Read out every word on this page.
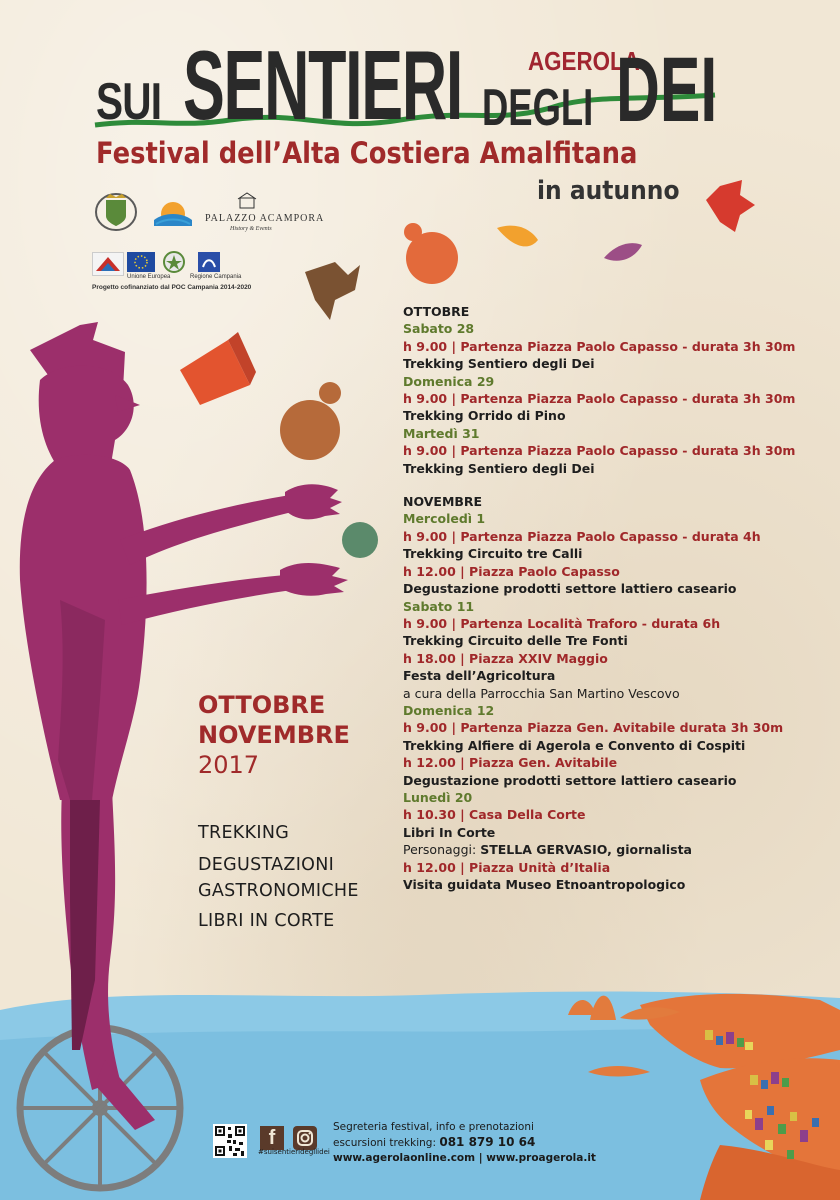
SUI SENTIERI	AGEROLA
DEGLI DEI
Festival dell’Alta Costiera Amalfitana
in autunno
PALAZZO ACAMPORA
History & Events
Unione Europea	Regione Campania
Progetto cofinanziato dal POC Campania 2014-2020
OTTOBRE
Sabato 28
h 9.00 | Partenza Piazza Paolo Capasso - durata 3h 30m
Trekking Sentiero degli Dei
Domenica 29
h 9.00 | Partenza Piazza Paolo Capasso - durata 3h 30m
Trekking Orrido di Pino
Martedì 31
h 9.00 | Partenza Piazza Paolo Capasso - durata 3h 30m
Trekking Sentiero degli Dei
NOVEMBRE
Mercoledì 1
h 9.00 | Partenza Piazza Paolo Capasso - durata 4h
Trekking Circuito tre Calli
h 12.00 | Piazza Paolo Capasso
Degustazione prodotti settore lattiero caseario
Sabato 11
h 9.00 | Partenza Località Traforo - durata 6h
Trekking Circuito delle Tre Fonti
h 18.00 | Piazza XXIV Maggio
Festa dell’Agricoltura
a cura della Parrocchia San Martino Vescovo
Domenica 12
h 9.00 | Partenza Piazza Gen. Avitabile durata 3h 30m
Trekking Alfiere di Agerola e Convento di Cospiti
h 12.00 | Piazza Gen. Avitabile
Degustazione prodotti settore lattiero caseario
Lunedì 20
h 10.30 | Casa Della Corte
Libri In Corte
Personaggi: STELLA GERVASIO, giornalista
h 12.00 | Piazza Unità d’Italia
Visita guidata Museo Etnoantropologico
OTTOBRE
NOVEMBRE
2017
TREKKING
DEGUSTAZIONI
GASTRONOMICHE
LIBRI IN CORTE
f
#suisentieridegllidei
Segreteria festival, info e prenotazioni
escursioni trekking: 081 879 10 64
www.agerolaonline.com | www.proagerola.it
